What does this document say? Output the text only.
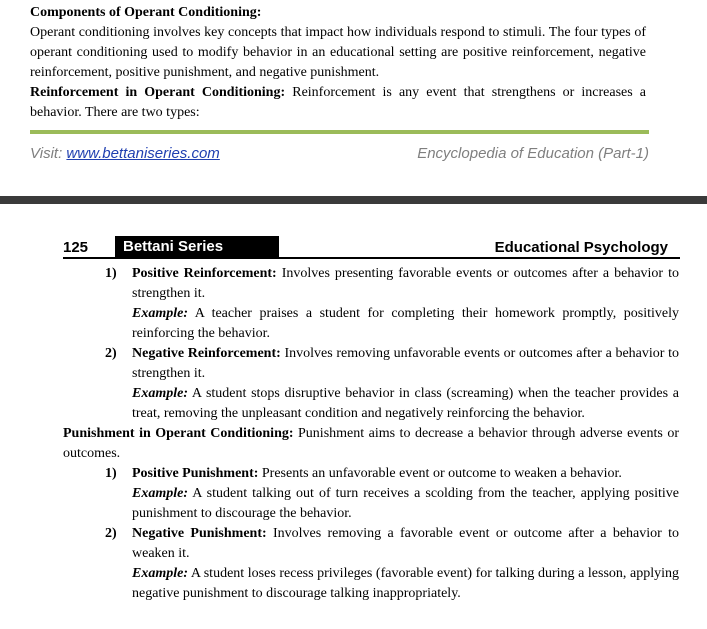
Components of Operant Conditioning:
Operant conditioning involves key concepts that impact how individuals respond to stimuli. The four types of operant conditioning used to modify behavior in an educational setting are positive reinforcement, negative reinforcement, positive punishment, and negative punishment.

Reinforcement in Operant Conditioning: Reinforcement is any event that strengthens or increases a behavior. There are two types:

Visit: www.bettaniseries.com	Encyclopedia of Education (Part-1)
125	Bettani Series	Educational Psychology
1) Positive Reinforcement: Involves presenting favorable events or outcomes after a behavior to strengthen it.

Example: A teacher praises a student for completing their homework promptly, positively reinforcing the behavior.

2) Negative Reinforcement: Involves removing unfavorable events or outcomes after a behavior to strengthen it.

Example: A student stops disruptive behavior in class (screaming) when the teacher provides a treat, removing the unpleasant condition and negatively reinforcing the behavior.

Punishment in Operant Conditioning: Punishment aims to decrease a behavior through adverse events or outcomes.

1) Positive Punishment: Presents an unfavorable event or outcome to weaken a behavior.

Example: A student talking out of turn receives a scolding from the teacher, applying positive punishment to discourage the behavior.

2) Negative Punishment: Involves removing a favorable event or outcome after a behavior to weaken it.

Example: A student loses recess privileges (favorable event) for talking during a lesson, applying negative punishment to discourage talking inappropriately.
